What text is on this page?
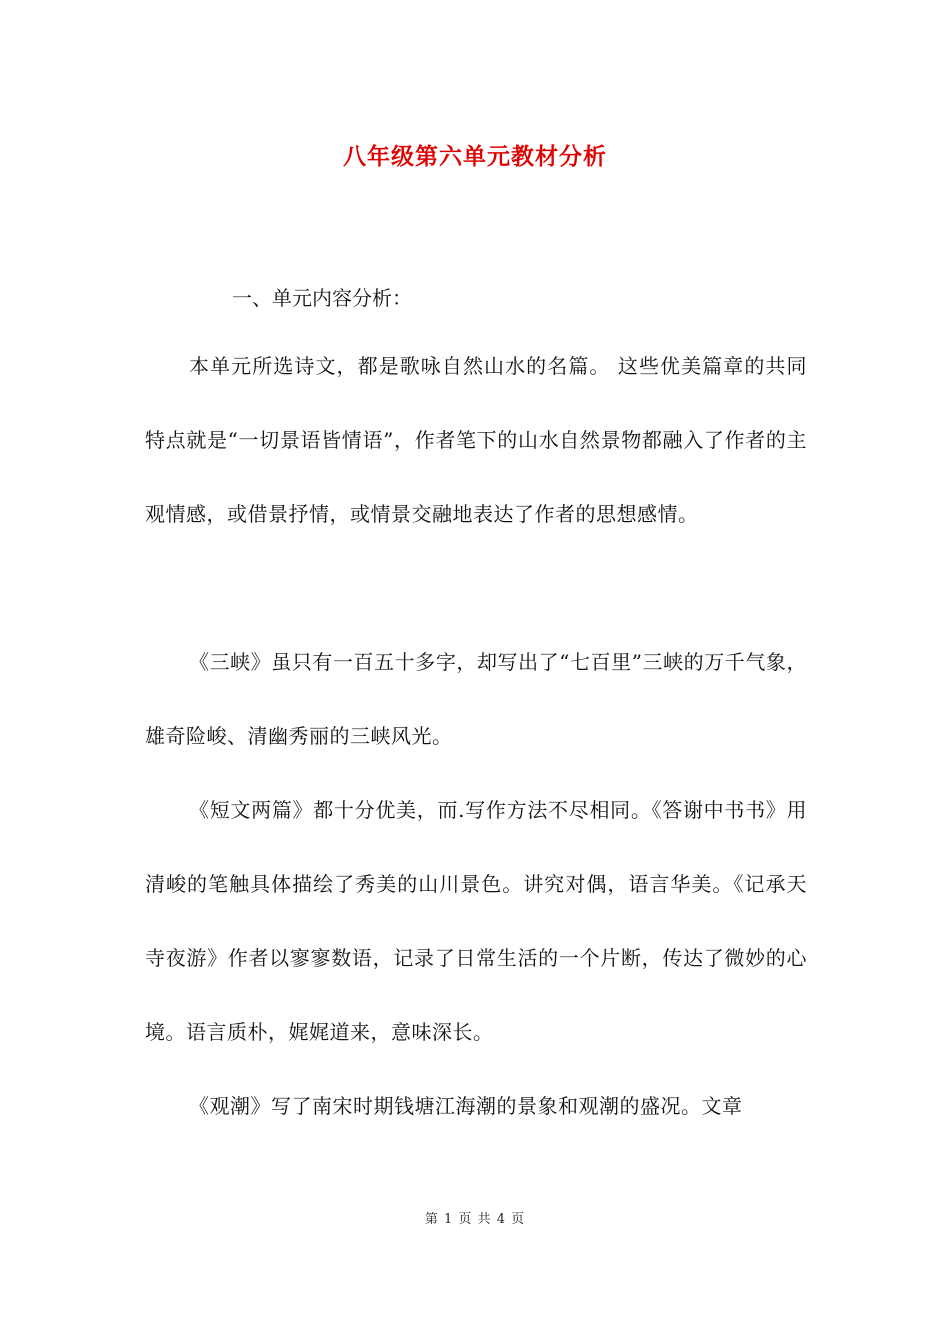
八年级第六单元教材分析
一、单元内容分析：

本单元所选诗文，都是歌咏自然山水的名篇。 这些优美篇章的共同特点就是“一切景语皆情语”，作者笔下的山水自然景物都融入了作者的主观情感，或借景抒情，或情景交融地表达了作者的思想感情。

《三峡》虽只有一百五十多字，却写出了“七百里”三峡的万千气象，雄奇险峻、清幽秀丽的三峡风光。

《短文两篇》都十分优美，而.写作方法不尽相同。《答谢中书书》用清峻的笔触具体描绘了秀美的山川景色。讲究对偶，语言华美。《记承天寺夜游》作者以寥寥数语，记录了日常生活的一个片断，传达了微妙的心境。语言质朴，娓娓道来，意味深长。

《观潮》写了南宋时期钱塘江海潮的景象和观潮的盛况。文章

第 1 页 共 4 页
